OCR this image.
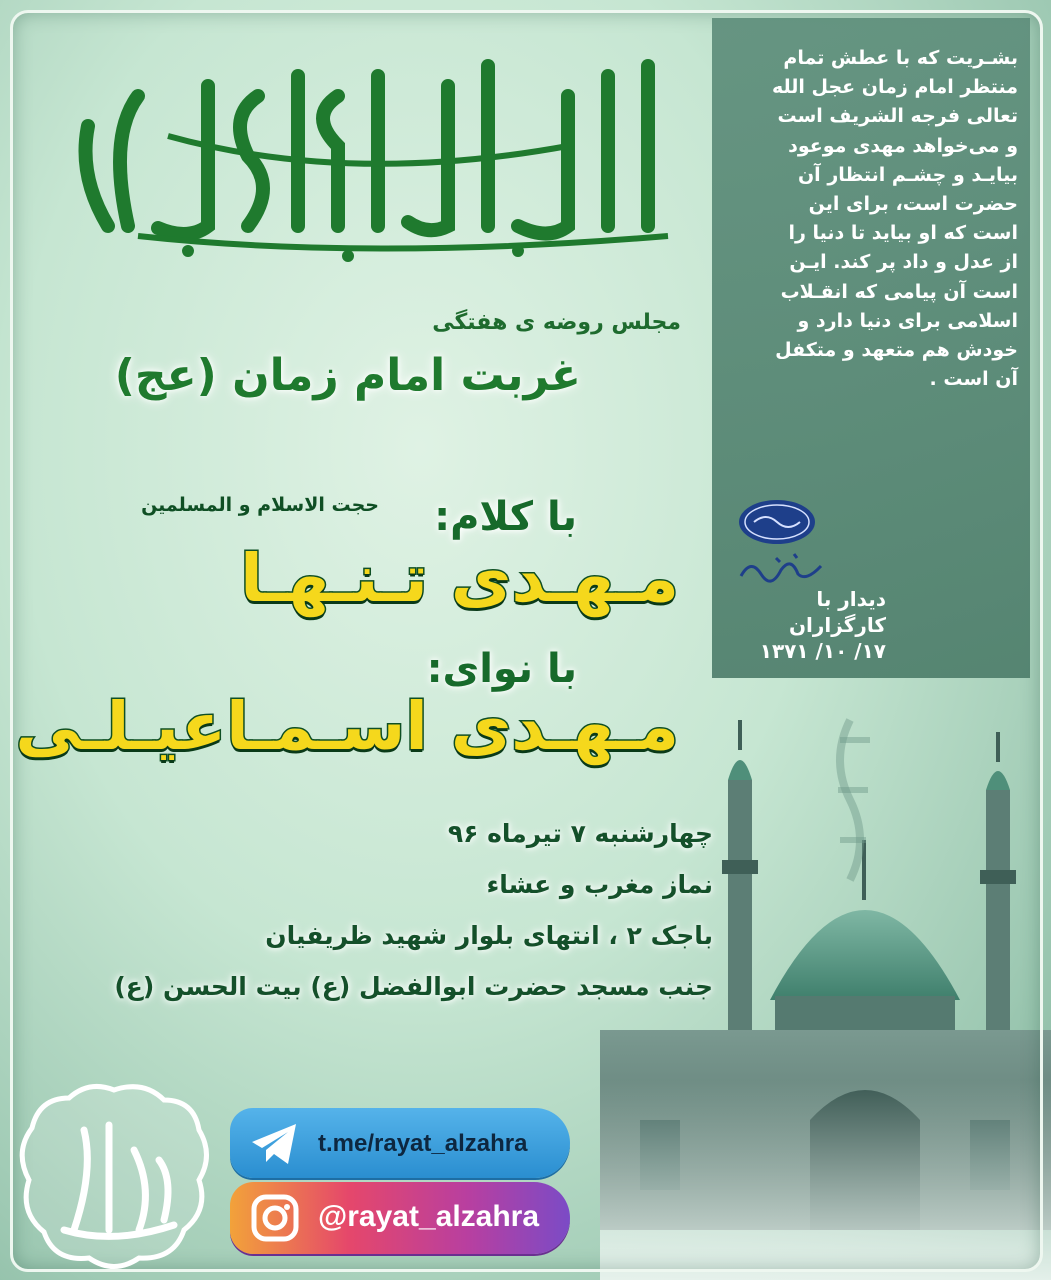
بشـریت که با عطش تمام
منتظر امام زمان عجل الله
تعالی فرجه الشریف است
و می‌خواهد مهدی موعود
بیایـد و چشـم انتظار آن
حضرت است، برای این
است که او بیاید تا دنیا را
از عدل و داد پر کند. ایـن
است آن پیامی که انقـلاب
اسلامی برای دنیا دارد و
خودش هم متعهد و متکفل
آن است .
دیدار با کارگزاران
۱۷/ ۱۰/ ۱۳۷۱
این الطالب بدم المقتول بکربلاء
مجلس روضه ی هفتگی
غربت امام زمان (عج)
با کلام:
حجت الاسلام و المسلمین
مـهـدی تـنـهـا
با نوای:
مـهـدی اسـمـاعیـلـی
چهارشنبه ۷ تیرماه ۹۶
نماز مغرب و عشاء
باجک ۲ ، انتهای بلوار شهید ظریفیان
جنب مسجد حضرت ابوالفضل (ع) بیت الحسن (ع)
t.me/rayat_alzahra
@rayat_alzahra
